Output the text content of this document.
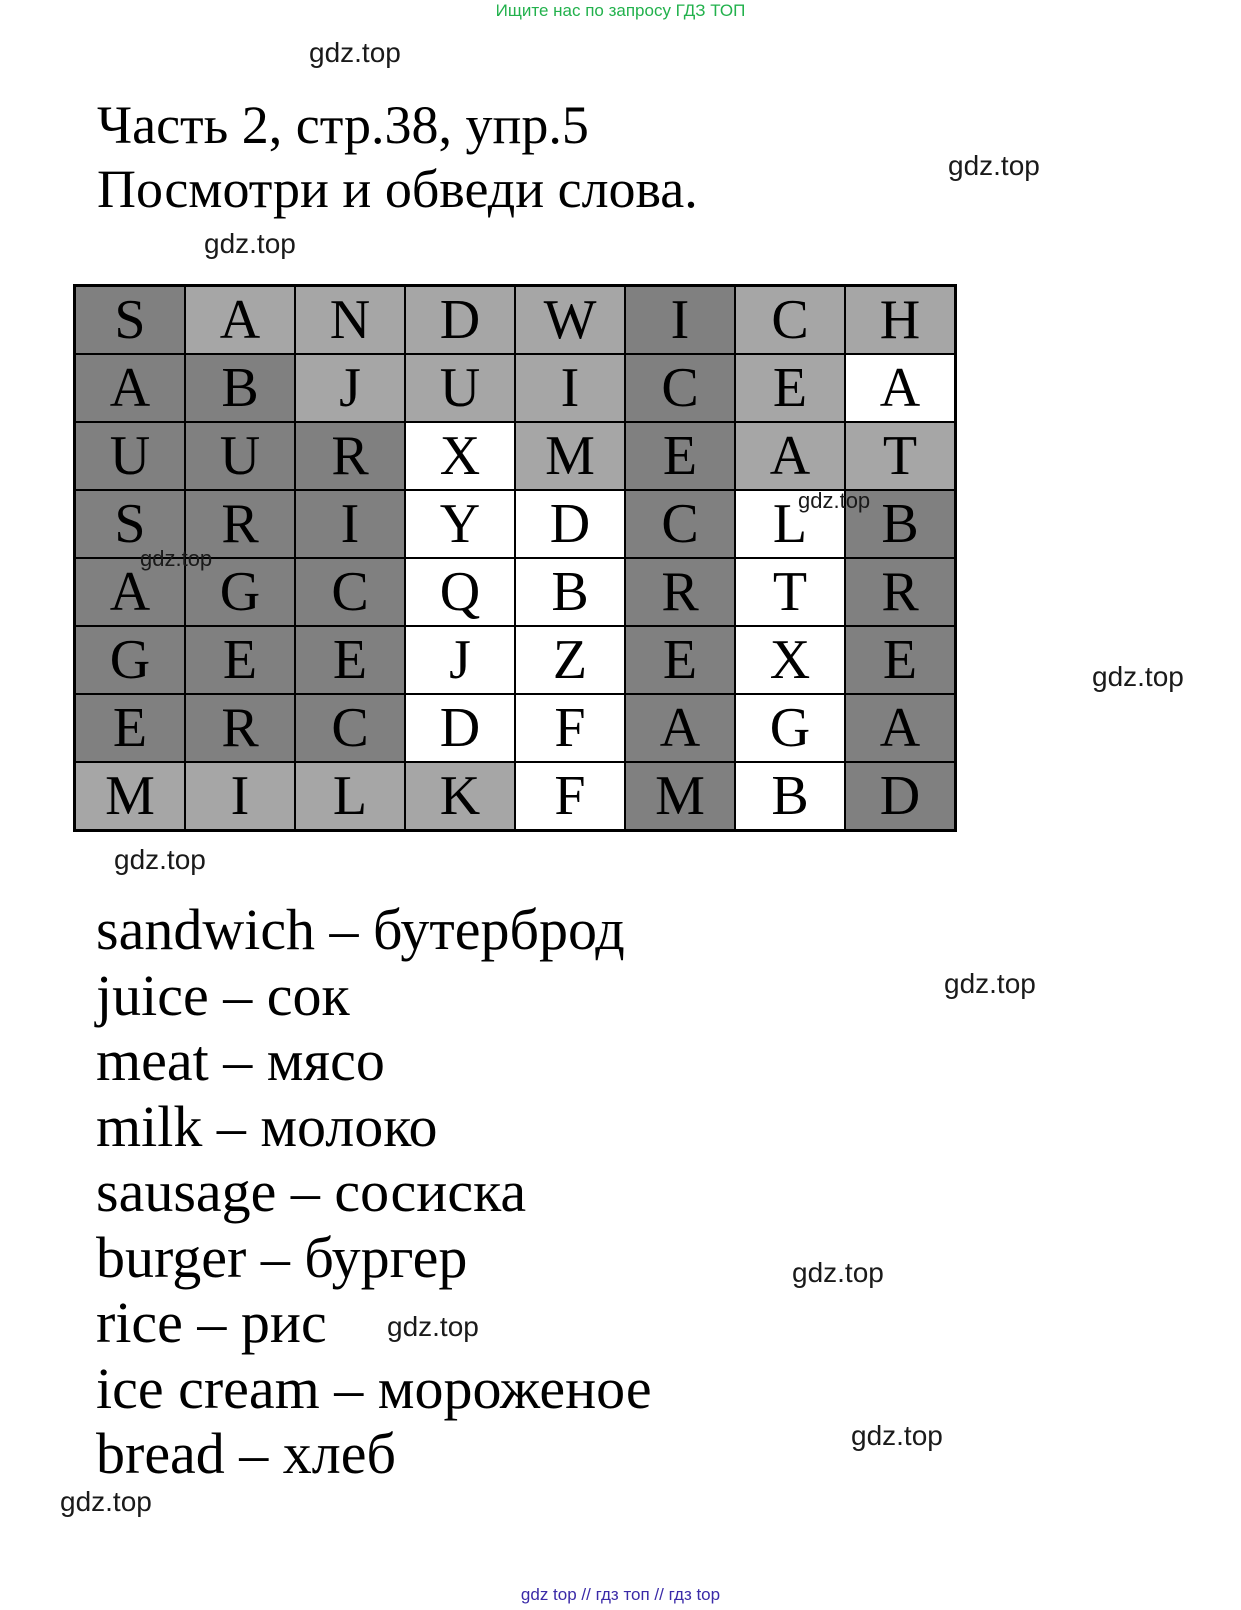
Ищите нас по запросу ГДЗ ТОП
gdz.top
gdz.top
gdz.top
Часть 2, стр.38, упр.5
Посмотри и обведи слова.
S	A	N	D	W	I	C	H
A	B	J	U	I	C	E	A
U	U	R	X	M	E	A	T
S	R	I	Y	D	C	L	B
A	G	C	Q	B	R	T	R
G	E	E	J	Z	E	X	E
E	R	C	D	F	A	G	A
M	I	L	K	F	M	B	D
gdz.top
gdz.top
gdz.top
gdz.top
sandwich – бутерброд
juice – сок
meat – мясо
milk – молоко
sausage – сосиска
burger – бургер
rice – рис
ice cream – мороженое
bread – хлеб
gdz.top
gdz.top
gdz.top
gdz.top
gdz.top
gdz top // гдз топ // гдз top
